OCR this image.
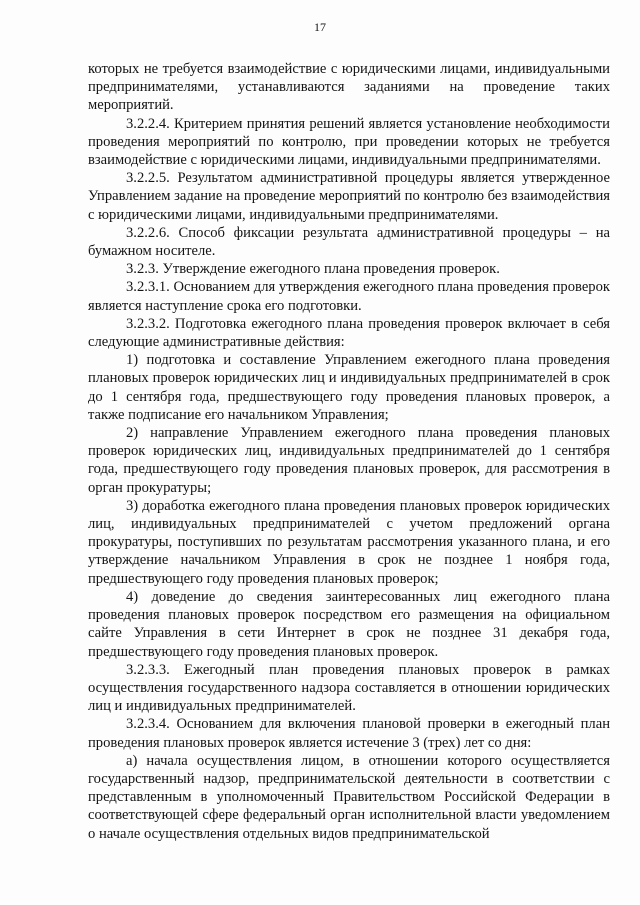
17

которых не требуется взаимодействие с юридическими лицами, индивидуальными предпринимателями, устанавливаются заданиями на проведение таких мероприятий.

3.2.2.4. Критерием принятия решений является установление необходимости проведения мероприятий по контролю, при проведении которых не требуется взаимодействие с юридическими лицами, индивидуальными предпринимателями.

3.2.2.5. Результатом административной процедуры является утвержденное Управлением задание на проведение мероприятий по контролю без взаимодействия с юридическими лицами, индивидуальными предпринимателями.

3.2.2.6. Способ фиксации результата административной процедуры – на бумажном носителе.

3.2.3. Утверждение ежегодного плана проведения проверок.

3.2.3.1. Основанием для утверждения ежегодного плана проведения проверок является наступление срока его подготовки.

3.2.3.2. Подготовка ежегодного плана проведения проверок включает в себя следующие административные действия:

1) подготовка и составление Управлением ежегодного плана проведения плановых проверок юридических лиц и индивидуальных предпринимателей в срок до 1 сентября года, предшествующего году проведения плановых проверок, а также подписание его начальником Управления;

2) направление Управлением ежегодного плана проведения плановых проверок юридических лиц, индивидуальных предпринимателей до 1 сентября года, предшествующего году проведения плановых проверок, для рассмотрения в орган прокуратуры;

3) доработка ежегодного плана проведения плановых проверок юридических лиц, индивидуальных предпринимателей с учетом предложений органа прокуратуры, поступивших по результатам рассмотрения указанного плана, и его утверждение начальником Управления в срок не позднее 1 ноября года, предшествующего году проведения плановых проверок;

4) доведение до сведения заинтересованных лиц ежегодного плана проведения плановых проверок посредством его размещения на официальном сайте Управления в сети Интернет в срок не позднее 31 декабря года, предшествующего году проведения плановых проверок.

3.2.3.3. Ежегодный план проведения плановых проверок в рамках осуществления государственного надзора составляется в отношении юридических лиц и индивидуальных предпринимателей.

3.2.3.4. Основанием для включения плановой проверки в ежегодный план проведения плановых проверок является истечение 3 (трех) лет со дня:

а) начала осуществления лицом, в отношении которого осуществляется государственный надзор, предпринимательской деятельности в соответствии с представленным в уполномоченный Правительством Российской Федерации в соответствующей сфере федеральный орган исполнительной власти уведомлением о начале осуществления отдельных видов предпринимательской
